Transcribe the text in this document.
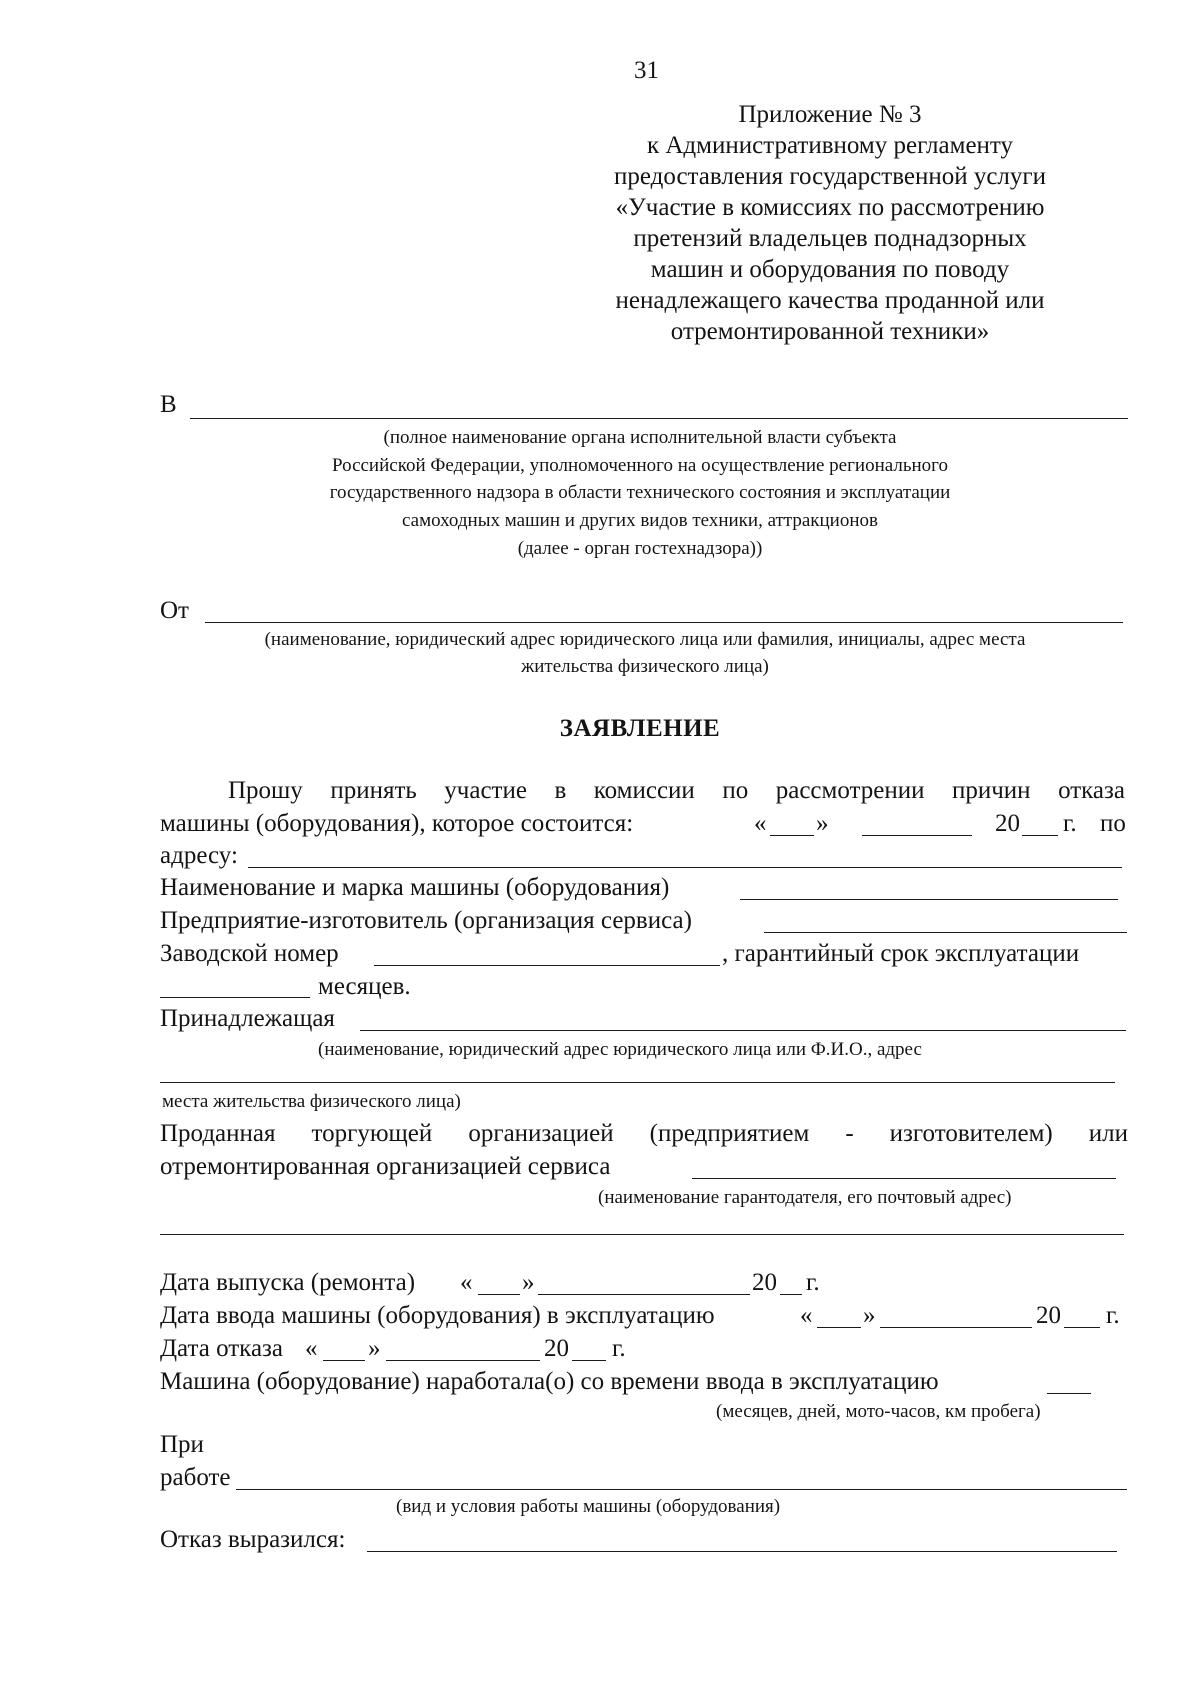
31
Приложение № 3
к Административному регламенту
предоставления государственной услуги
«Участие в комиссиях по рассмотрению
претензий владельцев поднадзорных
машин и оборудования по поводу
ненадлежащего качества проданной или
отремонтированной техники»
В
(полное наименование органа исполнительной власти субъекта
Российской Федерации, уполномоченного на осуществление регионального
государственного надзора в области технического состояния и эксплуатации
самоходных машин и других видов техники, аттракционов
(далее - орган гостехнадзора))
От
(наименование, юридический адрес юридического лица или фамилия, инициалы, адрес места
жительства физического лица)
ЗАЯВЛЕНИЕ
Прошу принять участие в комиссии по рассмотрении причин отказа
машины (оборудования), которое состоится:	« »	20 г. по
адресу:
Наименование и марка машины (оборудования)
Предприятие-изготовитель (организация сервиса)
Заводской номер	, гарантийный срок эксплуатации
месяцев.
Принадлежащая
(наименование, юридический адрес юридического лица или Ф.И.О., адрес
места жительства физического лица)
Проданная торгующей организацией (предприятием - изготовителем) или
отремонтированная организацией сервиса
(наименование гарантодателя, его почтовый адрес)
Дата выпуска (ремонта) « »	20 г.
Дата ввода машины (оборудования) в эксплуатацию	« »	20 г.
Дата отказа « »	20 г.
Машина (оборудование) наработала(о) со времени ввода в эксплуатацию
(месяцев, дней, мото-часов, км пробега)
При
работе
(вид и условия работы машины (оборудования)
Отказ выразился:
